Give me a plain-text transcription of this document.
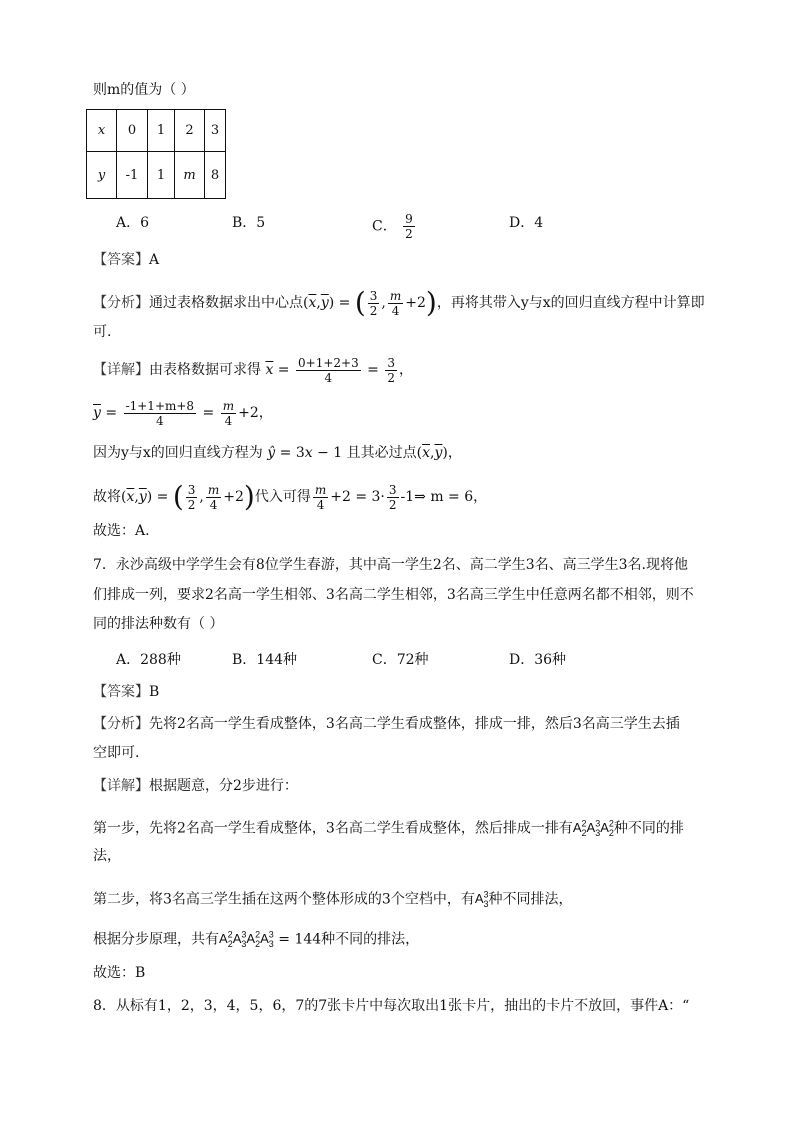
则m的值为（ ）
x	0	1	2	3
y	-1	1	m	8
A．6	B．5	C． $\frac{9}{2}$	D．4
【答案】A
【分析】通过表格数据求出中心点$(\overline{x},\overline{y})$ = ( $\frac{3}{2}$ , $\frac{m}{4} +2$)，再将其带入y与x的回归直线方程中计算即
可.
【详解】由表格数据可求得 $\overline{x} = \frac{0+1+2+3}{4} = \frac{3}{2}$ ，
$\overline{y} = \frac{-1+1+m+8}{4} = \frac{m}{4} +2$，
因为y与x的回归直线方程为 ŷ = 3x − 1 且其必过点$(\overline{x},\overline{y})$，
故将$(\overline{x},\overline{y})$ = ( $\frac{3}{2}$ , $\frac{m}{4} +2$)代入可得 $\frac{m}{4} +2 = 3\cdot \frac{3}{2}$ -1⇒ m = 6，
故选：A.
7．永沙高级中学学生会有8位学生春游，其中高一学生2名、高二学生3名、高三学生3名.现将他
们排成一列，要求2名高一学生相邻、3名高二学生相邻，3名高三学生中任意两名都不相邻，则不
同的排法种数有（ ）
A．288种	B．144种	C．72种	D．36种
【答案】B
【分析】先将2名高一学生看成整体，3名高二学生看成整体，排成一排，然后3名高三学生去插
空即可.
【详解】根据题意，分2步进行：
第一步，先将2名高一学生看成整体，3名高二学生看成整体，然后排成一排有$A^2_2A^3_3A^2_2$种不同的排
法，
第二步，将3名高三学生插在这两个整体形成的3个空档中，有$A^3_3$种不同排法，
根据分步原理，共有$A^2_2A^3_3A^2_2A^3_3 = 144$种不同的排法，
故选：B
8．从标有1，2，3，4，5，6，7的7张卡片中每次取出1张卡片，抽出的卡片不放回，事件A：“
